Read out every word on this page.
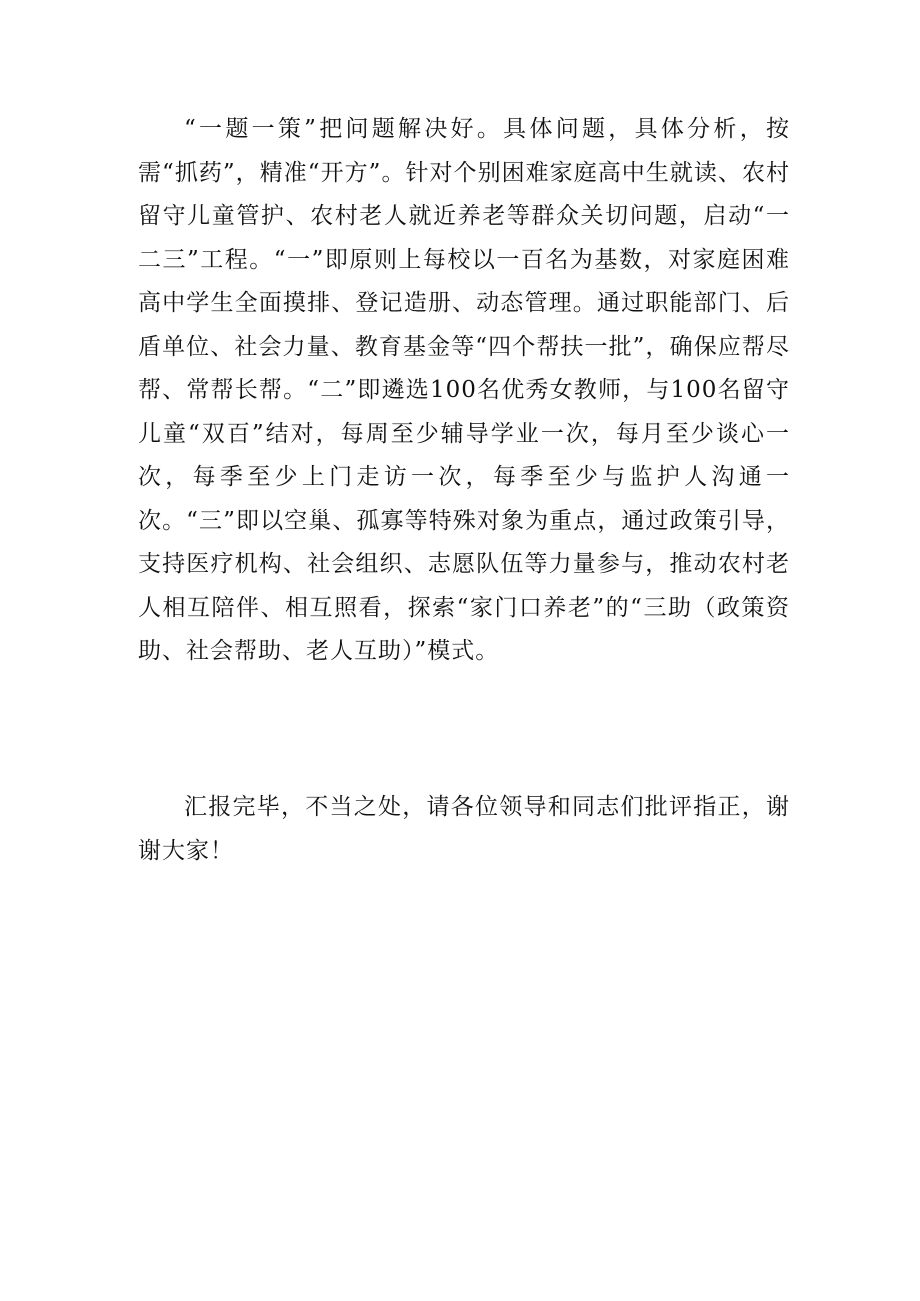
“一题一策”把问题解决好。具体问题，具体分析，按需“抓药”，精准“开方”。针对个别困难家庭高中生就读、农村留守儿童管护、农村老人就近养老等群众关切问题，启动“一二三”工程。“一”即原则上每校以一百名为基数，对家庭困难高中学生全面摸排、登记造册、动态管理。通过职能部门、后盾单位、社会力量、教育基金等“四个帮扶一批”，确保应帮尽帮、常帮长帮。“二”即遴选100名优秀女教师，与100名留守儿童“双百”结对，每周至少辅导学业一次，每月至少谈心一次，每季至少上门走访一次，每季至少与监护人沟通一次。“三”即以空巢、孤寡等特殊对象为重点，通过政策引导，支持医疗机构、社会组织、志愿队伍等力量参与，推动农村老人相互陪伴、相互照看，探索“家门口养老”的“三助（政策资助、社会帮助、老人互助）”模式。

汇报完毕，不当之处，请各位领导和同志们批评指正，谢谢大家！
